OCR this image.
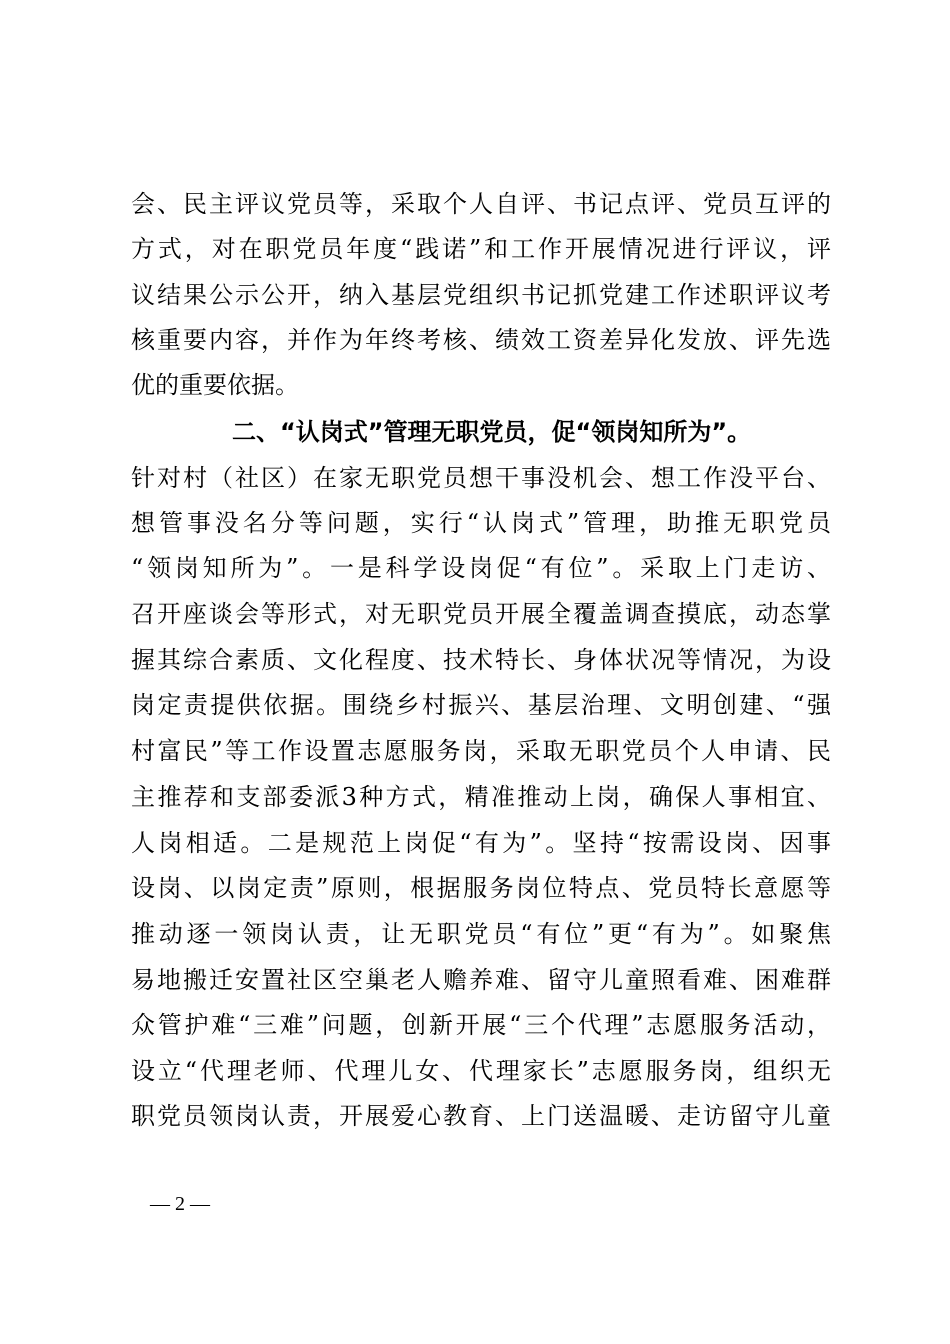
会、民主评议党员等，采取个人自评、书记点评、党员互评的
方式，对在职党员年度“践诺”和工作开展情况进行评议，评
议结果公示公开，纳入基层党组织书记抓党建工作述职评议考
核重要内容，并作为年终考核、绩效工资差异化发放、评先选
优的重要依据。
二、“认岗式”管理无职党员，促“领岗知所为”。
针对村（社区）在家无职党员想干事没机会、想工作没平台、
想管事没名分等问题，实行“认岗式”管理，助推无职党员
“领岗知所为”。一是科学设岗促“有位”。采取上门走访、
召开座谈会等形式，对无职党员开展全覆盖调查摸底，动态掌
握其综合素质、文化程度、技术特长、身体状况等情况，为设
岗定责提供依据。围绕乡村振兴、基层治理、文明创建、“强
村富民”等工作设置志愿服务岗，采取无职党员个人申请、民
主推荐和支部委派3种方式，精准推动上岗，确保人事相宜、
人岗相适。二是规范上岗促“有为”。坚持“按需设岗、因事
设岗、以岗定责”原则，根据服务岗位特点、党员特长意愿等
推动逐一领岗认责，让无职党员“有位”更“有为”。如聚焦
易地搬迁安置社区空巢老人赡养难、留守儿童照看难、困难群
众管护难“三难”问题，创新开展“三个代理”志愿服务活动，
设立“代理老师、代理儿女、代理家长”志愿服务岗，组织无
职党员领岗认责，开展爱心教育、上门送温暖、走访留守儿童
— 2 —
